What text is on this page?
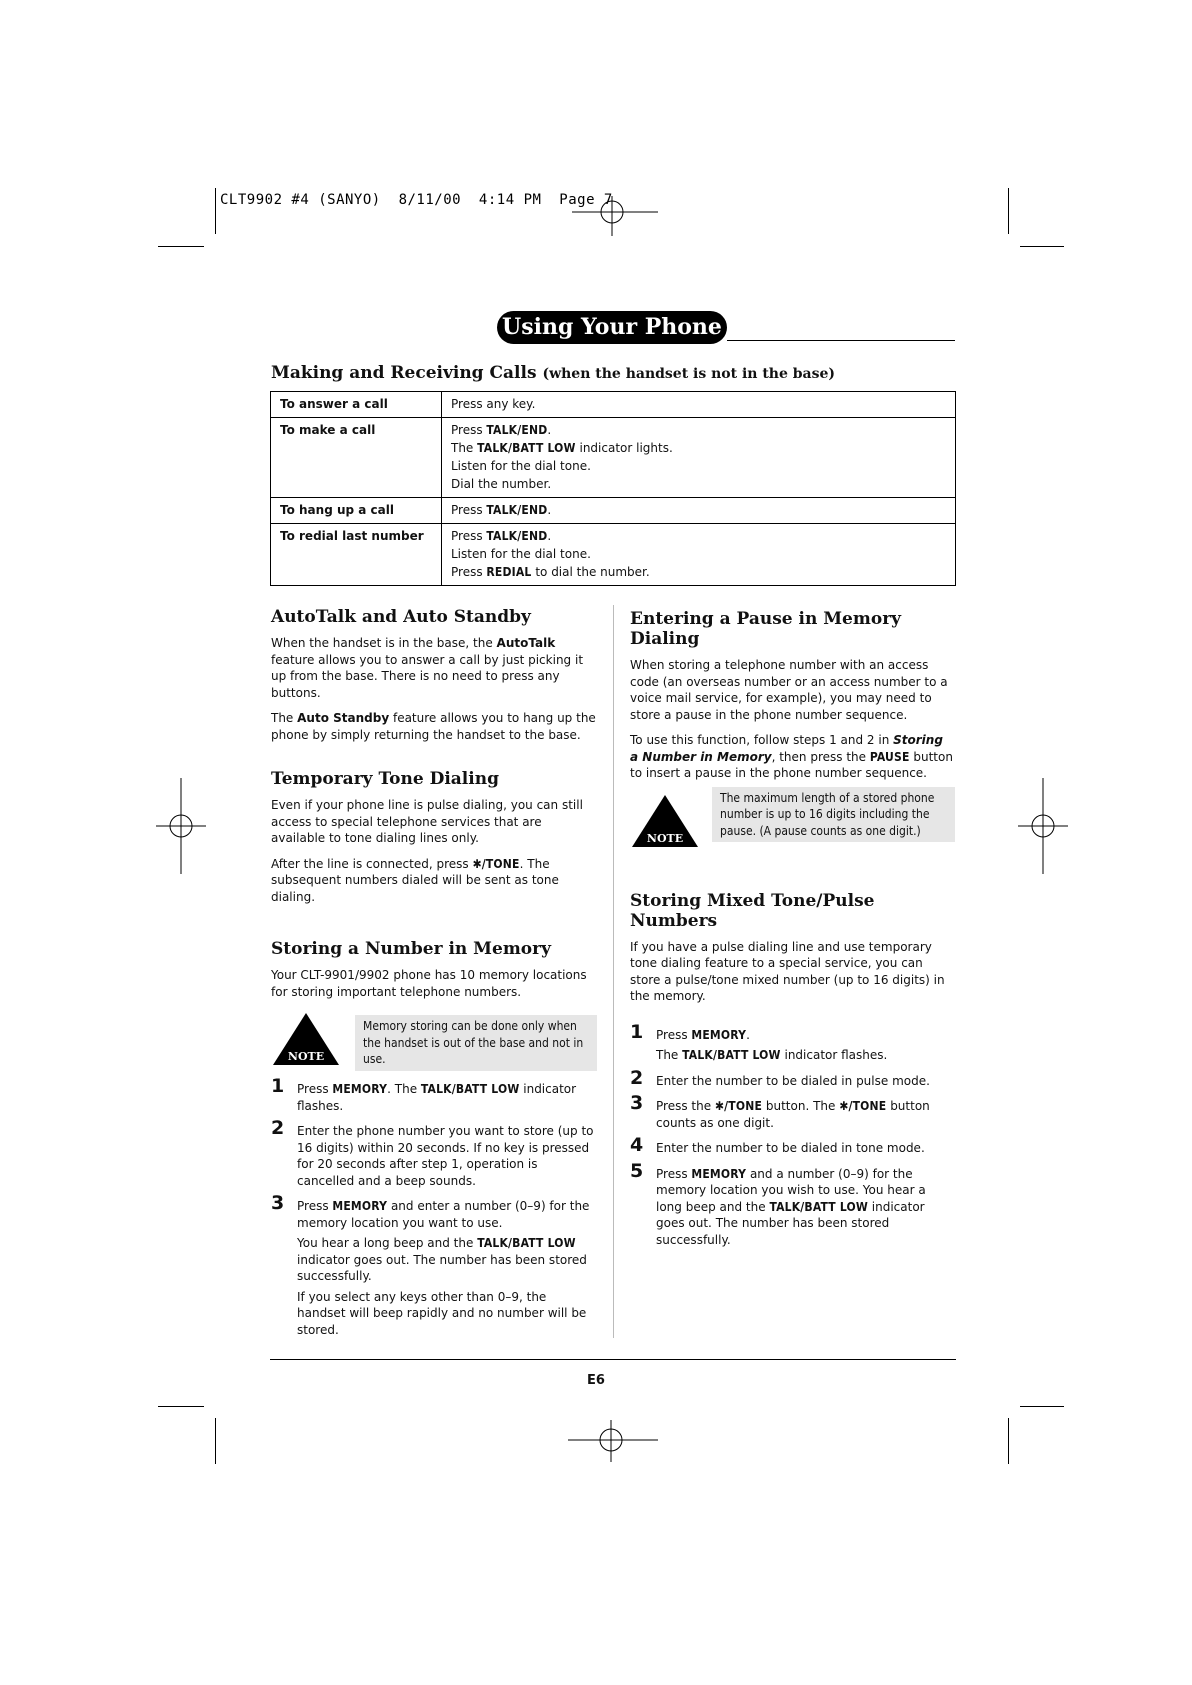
CLT9902 #4 (SANYO)  8/11/00  4:14 PM  Page 7
Using Your Phone
Making and Receiving Calls (when the handset is not in the base)
To answer a call	Press any key.

To make a call	Press TALK/END.
The TALK/BATT LOW indicator lights.
Listen for the dial tone.
Dial the number.

To hang up a call	Press TALK/END.

To redial last number	Press TALK/END.
Listen for the dial tone.
Press REDIAL to dial the number.
AutoTalk and Auto Standby

When the handset is in the base, the AutoTalk feature allows you to answer a call by just picking it up from the base. There is no need to press any buttons.

The Auto Standby feature allows you to hang up the phone by simply returning the handset to the base.

Temporary Tone Dialing

Even if your phone line is pulse dialing, you can still access to special telephone services that are available to tone dialing lines only.

After the line is connected, press ✱/TONE. The subsequent numbers dialed will be sent as tone dialing.

Storing a Number in Memory

Your CLT-9901/9902 phone has 10 memory locations for storing important telephone numbers.

NOTE
Memory storing can be done only when the handset is out of the base and not in use.
1 Press MEMORY. The TALK/BATT LOW indicator flashes.

2 Enter the phone number you want to store (up to 16 digits) within 20 seconds. If no key is pressed for 20 seconds after step 1, operation is cancelled and a beep sounds.

3 Press MEMORY and enter a number (0–9) for the memory location you want to use.

You hear a long beep and the TALK/BATT LOW indicator goes out. The number has been stored successfully.

If you select any keys other than 0–9, the handset will beep rapidly and no number will be stored.

Entering a Pause in Memory Dialing

When storing a telephone number with an access code (an overseas number or an access number to a voice mail service, for example), you may need to store a pause in the phone number sequence.

To use this function, follow steps 1 and 2 in Storing a Number in Memory, then press the PAUSE button to insert a pause in the phone number sequence.

NOTE
The maximum length of a stored phone number is up to 16 digits including the pause. (A pause counts as one digit.)
Storing Mixed Tone/Pulse Numbers

If you have a pulse dialing line and use temporary tone dialing feature to a special service, you can store a pulse/tone mixed number (up to 16 digits) in the memory.

1 Press MEMORY.

The TALK/BATT LOW indicator flashes.

2 Enter the number to be dialed in pulse mode.

3 Press the ✱/TONE button. The ✱/TONE button counts as one digit.

4 Enter the number to be dialed in tone mode.

5 Press MEMORY and a number (0–9) for the memory location you wish to use. You hear a long beep and the TALK/BATT LOW indicator goes out. The number has been stored successfully.

E6
